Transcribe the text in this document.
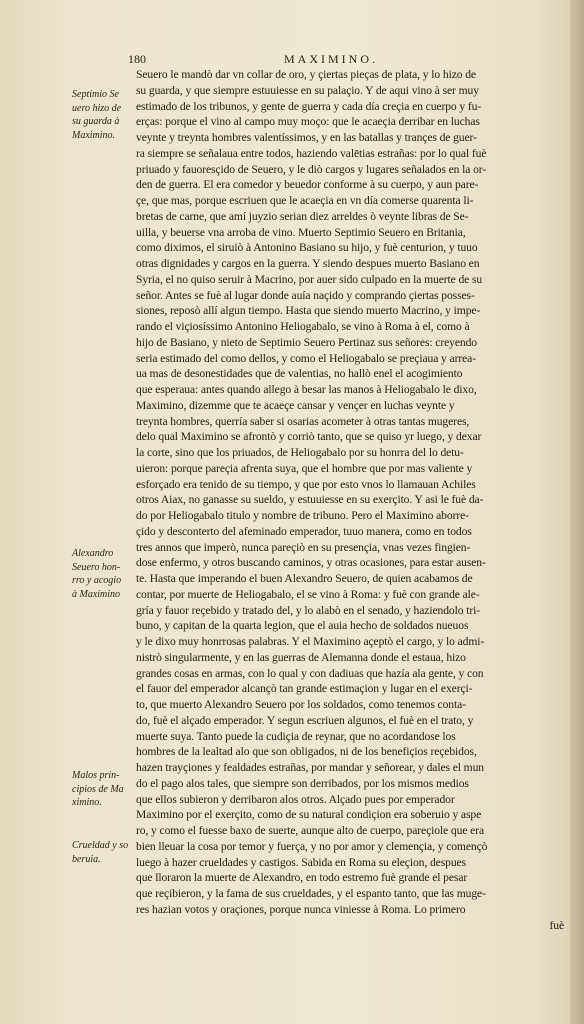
180	MAXIMINO.
Septimio Se
uero hizo de
su guarda à
Maximino.
Alexandro
Seuero hon-
rro y acogio
à Maximino
Malos prin-
cipios de Ma
ximino.
Crueldad y so
beruia.
Seuero le mandò dar vn collar de oro, y çiertas pieças de plata, y lo hizo de
su guarda, y que siempre estuuiesse en su palaçio. Y de aqui vino à ser muy
estimado de los tribunos, y gente de guerra y cada día creçia en cuerpo y fu-
erças: porque el vino al campo muy moço: que le acaeçia derribar en luchas
veynte y treynta hombres valentíssimos, y en las batallas y trançes de guer-
ra siempre se señalaua entre todos, haziendo valētias estrañas: por lo qual fuè
priuado y fauoresçido de Seuero, y le diò cargos y lugares señalados en la or-
den de guerra. El era comedor y beuedor conforme à su cuerpo, y aun pare-
çe, que mas, porque escriuen que le acaeçia en vn día comerse quarenta li-
bretas de carne, que amí juyzio serian diez arreldes ò veynte libras de Se-
uilla, y beuerse vna arroba de vino. Muerto Septimio Seuero en Britania,
como diximos, el siruiò à Antonino Basiano su hijo, y fuè centurion, y tuuo
otras dignidades y cargos en la guerra. Y siendo despues muerto Basiano en
Syria, el no quiso seruir à Macrino, por auer sido culpado en la muerte de su
señor. Antes se fuè al lugar donde auía naçido y comprando çiertas posses-
siones, reposò allí algun tiempo. Hasta que siendo muerto Macrino, y impe-
rando el viçiosíssimo Antonino Heliogabalo, se vino à Roma à el, como à
hijo de Basiano, y nieto de Septimio Seuero Pertinaz sus señores: creyendo
seria estimado del como dellos, y como el Heliogabalo se preçiaua y arrea-
ua mas de desonestidades que de valentias, no hallò enel el acogimiento
que esperaua: antes quando allego à besar las manos à Heliogabalo le dixo,
Maximino, dizemme que te acaeçe cansar y vençer en luchas veynte y
treynta hombres, querría saber si osarias acometer à otras tantas mugeres,
delo qual Maximino se afrontò y corriò tanto, que se quiso yr luego, y dexar
la corte, sino que los priuados, de Heliogabalo por su honrra del lo detu-
uieron: porque pareçia afrenta suya, que el hombre que por mas valiente y
esforçado era tenido de su tiempo, y que por esto vnos lo llamauan Achiles
otros Aiax, no ganasse su sueldo, y estuuiesse en su exerçito. Y asi le fuè da-
do por Heliogabalo titulo y nombre de tribuno. Pero el Maximino aborre-
çido y desconterto del afeminado emperador, tuuo manera, como en todos
tres annos que imperò, nunca pareçiò en su presençia, vnas vezes fingien-
dose enfermo, y otros buscando caminos, y otras ocasiones, para estar ausen-
te. Hasta que imperando el buen Alexandro Seuero, de quien acabamos de
contar, por muerte de Heliogabalo, el se vino à Roma: y fuè con grande ale-
gría y fauor reçebido y tratado del, y lo alabò en el senado, y haziendolo tri-
buno, y capitan de la quarta legion, que el auia hecho de soldados nueuos
y le dixo muy honrrosas palabras. Y el Maximino açeptò el cargo, y lo admi-
nistrò singularmente, y en las guerras de Alemanna donde el estaua, hizo
grandes cosas en armas, con lo qual y con dadiuas que hazía ala gente, y con
el fauor del emperador alcançò tan grande estimaçion y lugar en el exerçi-
to, que muerto Alexandro Seuero por los soldados, como tenemos conta-
do, fuè el alçado emperador. Y segun escriuen algunos, el fuè en el trato, y
muerte suya. Tanto puede la cudiçia de reynar, que no acordandose los
hombres de la lealtad alo que son obligados, ni de los benefiçios reçebidos,
hazen trayçiones y fealdades estrañas, por mandar y señorear, y dales el mun
do el pago alos tales, que siempre son derribados, por los mismos medios
que ellos subieron y derribaron alos otros. Alçado pues por emperador
Maximino por el exerçito, como de su natural condiçion era soberuio y aspe
ro, y como el fuesse baxo de suerte, aunque alto de cuerpo, pareçiole que era
bien lleuar la cosa por temor y fuerça, y no por amor y clemençia, y començò
luego à hazer crueldades y castigos. Sabida en Roma su eleçion, despues
que lloraron la muerte de Alexandro, en todo estremo fuè grande el pesar
que reçibieron, y la fama de sus crueldades, y el espanto tanto, que las muge-
res hazian votos y oraçiones, porque nunca viniesse à Roma. Lo primero
fuè
